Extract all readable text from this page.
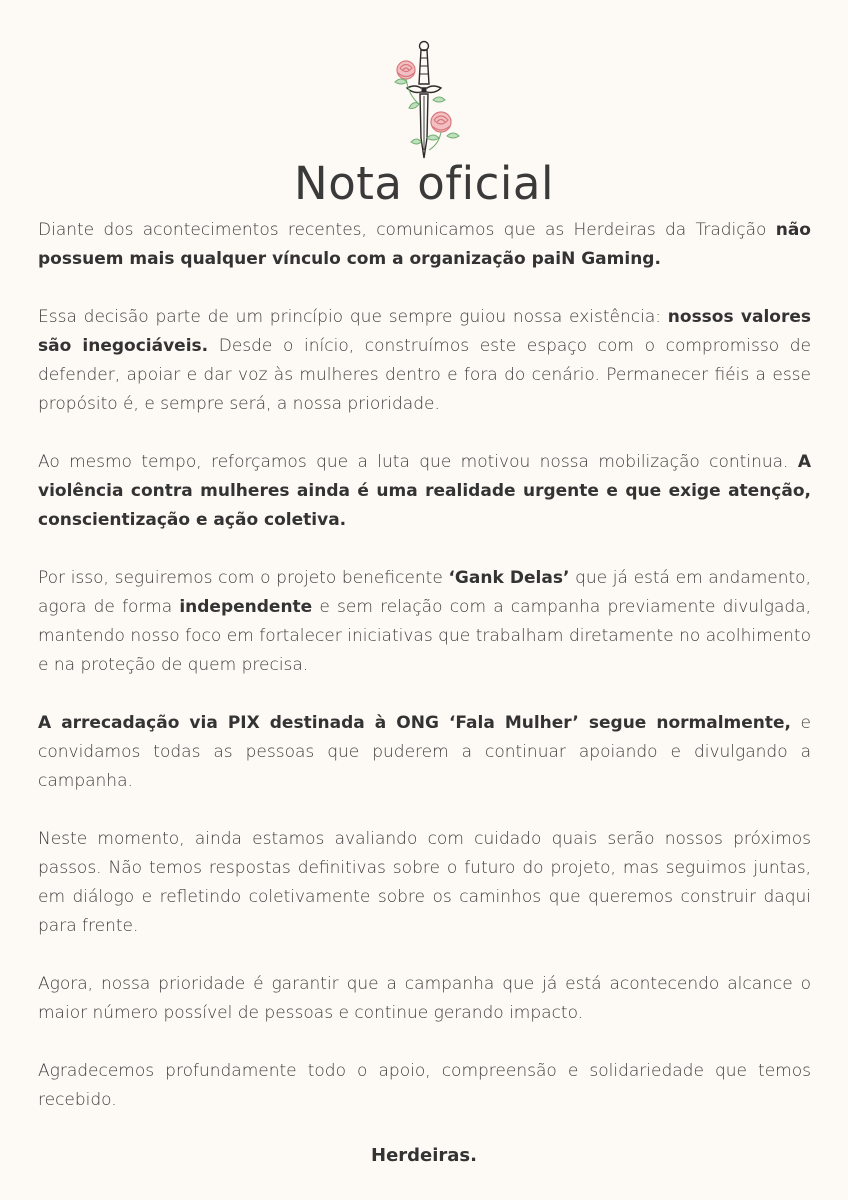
Nota oficial

Diante dos acontecimentos recentes, comunicamos que as Herdeiras da Tradição não possuem mais qualquer vínculo com a organização paiN Gaming.

Essa decisão parte de um princípio que sempre guiou nossa existência: nossos valores são inegociáveis. Desde o início, construímos este espaço com o compromisso de defender, apoiar e dar voz às mulheres dentro e fora do cenário. Permanecer fiéis a esse propósito é, e sempre será, a nossa prioridade.

Ao mesmo tempo, reforçamos que a luta que motivou nossa mobilização continua. A violência contra mulheres ainda é uma realidade urgente e que exige atenção, conscientização e ação coletiva.

Por isso, seguiremos com o projeto beneficente ‘Gank Delas’ que já está em andamento, agora de forma independente e sem relação com a campanha previamente divulgada, mantendo nosso foco em fortalecer iniciativas que trabalham diretamente no acolhimento e na proteção de quem precisa.

A arrecadação via PIX destinada à ONG ‘Fala Mulher’ segue normalmente, e convidamos todas as pessoas que puderem a continuar apoiando e divulgando a campanha.

Neste momento, ainda estamos avaliando com cuidado quais serão nossos próximos passos. Não temos respostas definitivas sobre o futuro do projeto, mas seguimos juntas, em diálogo e refletindo coletivamente sobre os caminhos que queremos construir daqui para frente.

Agora, nossa prioridade é garantir que a campanha que já está acontecendo alcance o maior número possível de pessoas e continue gerando impacto.

Agradecemos profundamente todo o apoio, compreensão e solidariedade que temos recebido.

Herdeiras.
